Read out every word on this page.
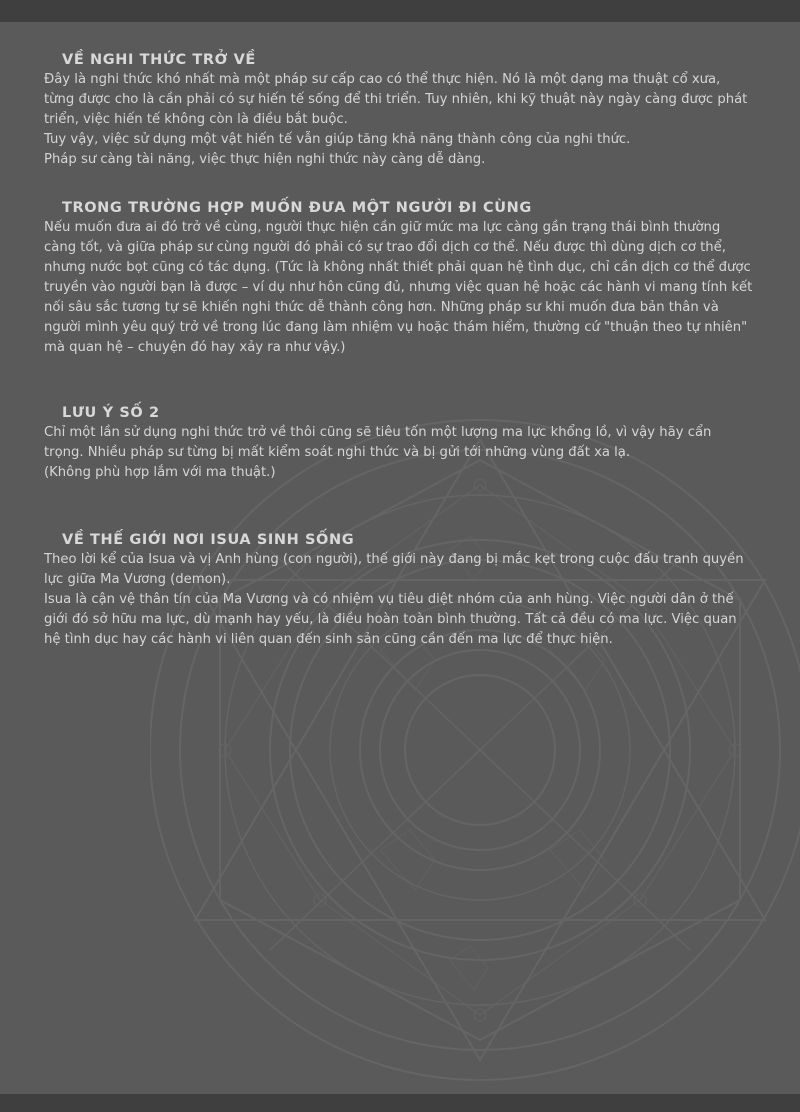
VỀ NGHI THỨC TRỞ VỀ

Đây là nghi thức khó nhất mà một pháp sư cấp cao có thể thực hiện. Nó là một dạng ma thuật cổ xưa, từng được cho là cần phải có sự hiến tế sống để thi triển. Tuy nhiên, khi kỹ thuật này ngày càng được phát triển, việc hiến tế không còn là điều bắt buộc.

Tuy vậy, việc sử dụng một vật hiến tế vẫn giúp tăng khả năng thành công của nghi thức.

Pháp sư càng tài năng, việc thực hiện nghi thức này càng dễ dàng.

TRONG TRƯỜNG HỢP MUỐN ĐƯA MỘT NGƯỜI ĐI CÙNG

Nếu muốn đưa ai đó trở về cùng, người thực hiện cần giữ mức ma lực càng gần trạng thái bình thường càng tốt, và giữa pháp sư cùng người đó phải có sự trao đổi dịch cơ thể. Nếu được thì dùng dịch cơ thể, nhưng nước bọt cũng có tác dụng. (Tức là không nhất thiết phải quan hệ tình dục, chỉ cần dịch cơ thể được truyền vào người bạn là được – ví dụ như hôn cũng đủ, nhưng việc quan hệ hoặc các hành vi mang tính kết nối sâu sắc tương tự sẽ khiến nghi thức dễ thành công hơn. Những pháp sư khi muốn đưa bản thân và người mình yêu quý trở về trong lúc đang làm nhiệm vụ hoặc thám hiểm, thường cứ "thuận theo tự nhiên" mà quan hệ – chuyện đó hay xảy ra như vậy.)

LƯU Ý SỐ 2

Chỉ một lần sử dụng nghi thức trở về thôi cũng sẽ tiêu tốn một lượng ma lực khổng lồ, vì vậy hãy cẩn trọng. Nhiều pháp sư từng bị mất kiểm soát nghi thức và bị gửi tới những vùng đất xa lạ.

(Không phù hợp lắm với ma thuật.)

VỀ THẾ GIỚI NƠI ISUA SINH SỐNG

Theo lời kể của Isua và vị Anh hùng (con người), thế giới này đang bị mắc kẹt trong cuộc đấu tranh quyền lực giữa Ma Vương (demon).

Isua là cận vệ thân tín của Ma Vương và có nhiệm vụ tiêu diệt nhóm của anh hùng. Việc người dân ở thế giới đó sở hữu ma lực, dù mạnh hay yếu, là điều hoàn toàn bình thường. Tất cả đều có ma lực. Việc quan hệ tình dục hay các hành vi liên quan đến sinh sản cũng cần đến ma lực để thực hiện.
